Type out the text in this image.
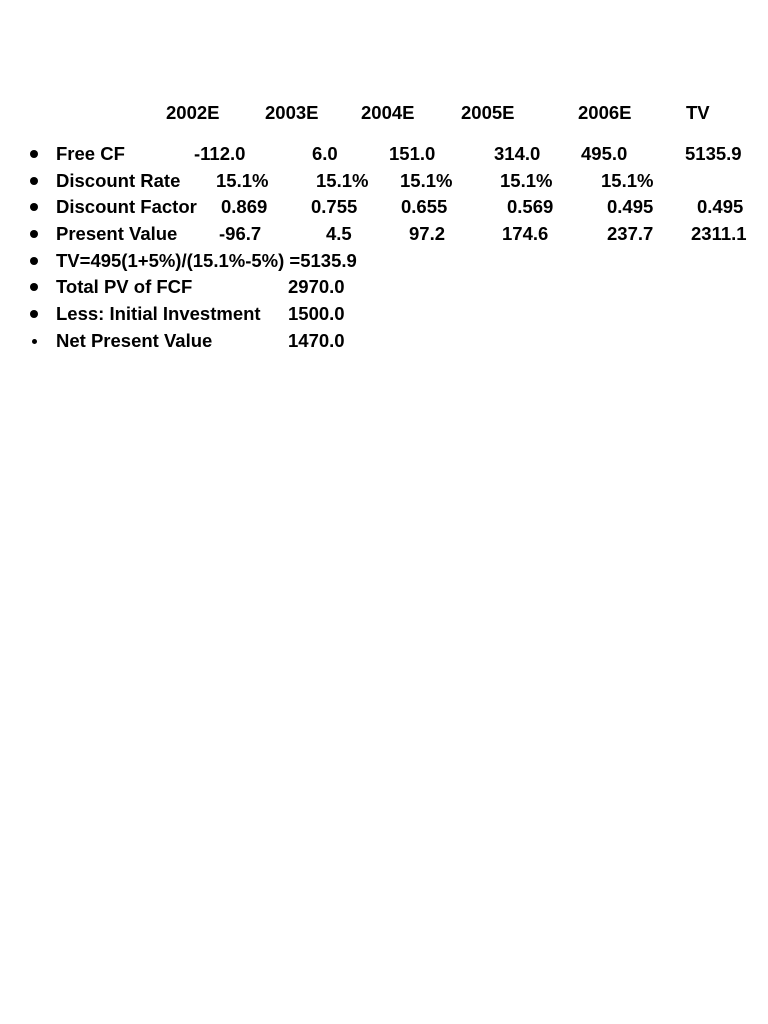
2002E 2003E 2004E	2005E	2006E	TV
Free CF	-112.0	6.0	151.0	314.0 495.0	5135.9
Discount Rate 15.1%	15.1% 15.1%	15.1%	15.1%
Discount Factor 0.869 0.755 0.655	0.569	0.495 0.495
Present Value -96.7	4.5	97.2	174.6	237.7 2311.1
TV=495(1+5%)/(15.1%-5%) =5135.9
Total PV of FCF	2970.0
Less: Initial Investment 1500.0
Net Present Value	1470.0
